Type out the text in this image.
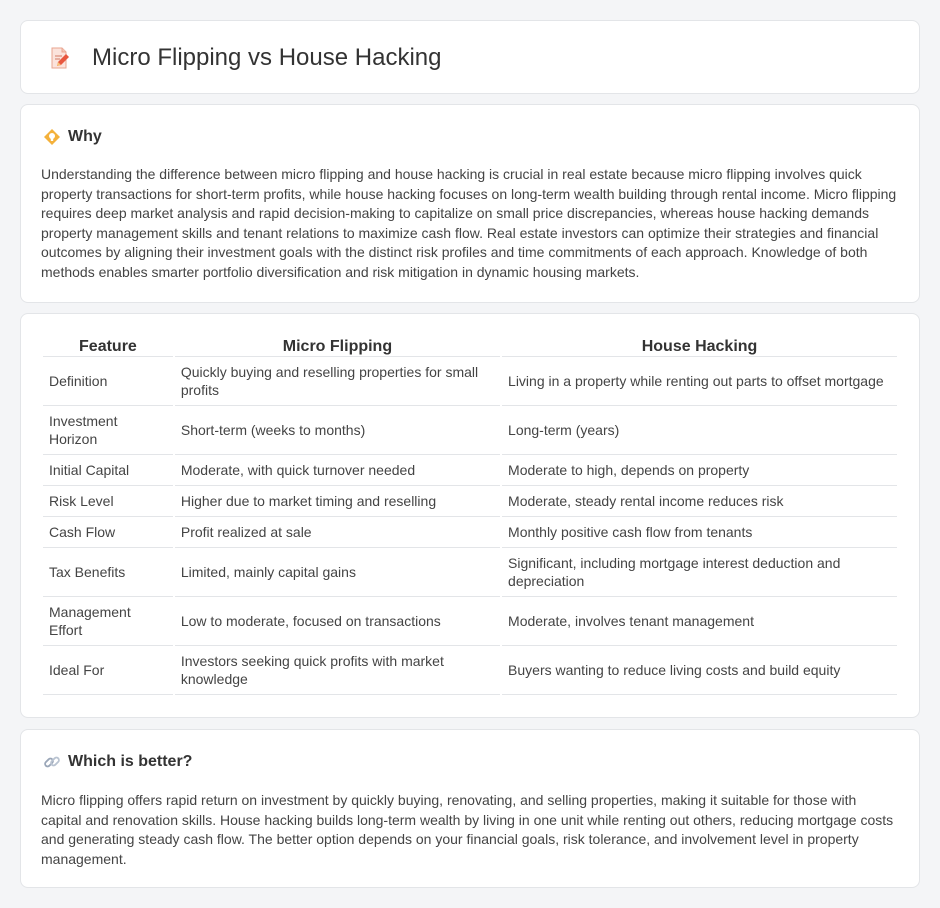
Micro Flipping vs House Hacking
Why

Understanding the difference between micro flipping and house hacking is crucial in real estate because micro flipping involves quick property transactions for short-term profits, while house hacking focuses on long-term wealth building through rental income. Micro flipping requires deep market analysis and rapid decision-making to capitalize on small price discrepancies, whereas house hacking demands property management skills and tenant relations to maximize cash flow. Real estate investors can optimize their strategies and financial outcomes by aligning their investment goals with the distinct risk profiles and time commitments of each approach. Knowledge of both methods enables smarter portfolio diversification and risk mitigation in dynamic housing markets.

Feature	Micro Flipping	House Hacking
Definition	Quickly buying and reselling properties for small profits	Living in a property while renting out parts to offset mortgage
Investment Horizon	Short-term (weeks to months)	Long-term (years)
Initial Capital	Moderate, with quick turnover needed	Moderate to high, depends on property
Risk Level	Higher due to market timing and reselling	Moderate, steady rental income reduces risk
Cash Flow	Profit realized at sale	Monthly positive cash flow from tenants
Tax Benefits	Limited, mainly capital gains	Significant, including mortgage interest deduction and depreciation
Management Effort	Low to moderate, focused on transactions	Moderate, involves tenant management
Ideal For	Investors seeking quick profits with market knowledge	Buyers wanting to reduce living costs and build equity
Which is better?

Micro flipping offers rapid return on investment by quickly buying, renovating, and selling properties, making it suitable for those with capital and renovation skills. House hacking builds long-term wealth by living in one unit while renting out others, reducing mortgage costs and generating steady cash flow. The better option depends on your financial goals, risk tolerance, and involvement level in property management.
